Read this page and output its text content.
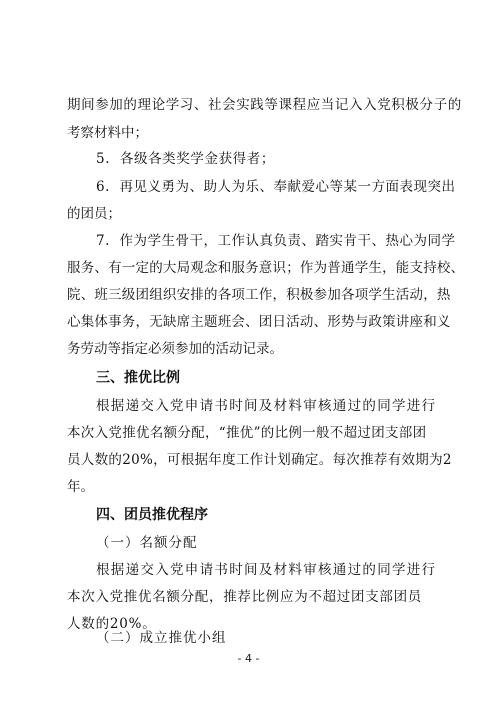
期间参加的理论学习、社会实践等课程应当记入入党积极分子的
考察材料中；
5.  各级各类奖学金获得者；
6.  再见义勇为、助人为乐、奉献爱心等某一方面表现突出
的团员；
7.  作为学生骨干，工作认真负责、踏实肯干、热心为同学
服务、有一定的大局观念和服务意识；作为普通学生，能支持校、
院、班三级团组织安排的各项工作，积极参加各项学生活动，热
心集体事务，无缺席主题班会、团日活动、形势与政策讲座和义
务劳动等指定必须参加的活动记录。
三、推优比例
根据递交入党申请书时间及材料审核通过的同学进行
本次入党推优名额分配，“推优”的比例一般不超过团支部团
员人数的20%，可根据年度工作计划确定。每次推荐有效期为2
年。
四、团员推优程序
（一）名额分配
根据递交入党申请书时间及材料审核通过的同学进行
本次入党推优名额分配，推荐比例应为不超过团支部团员
人数的20%。
（二）成立推优小组
- 4 -
